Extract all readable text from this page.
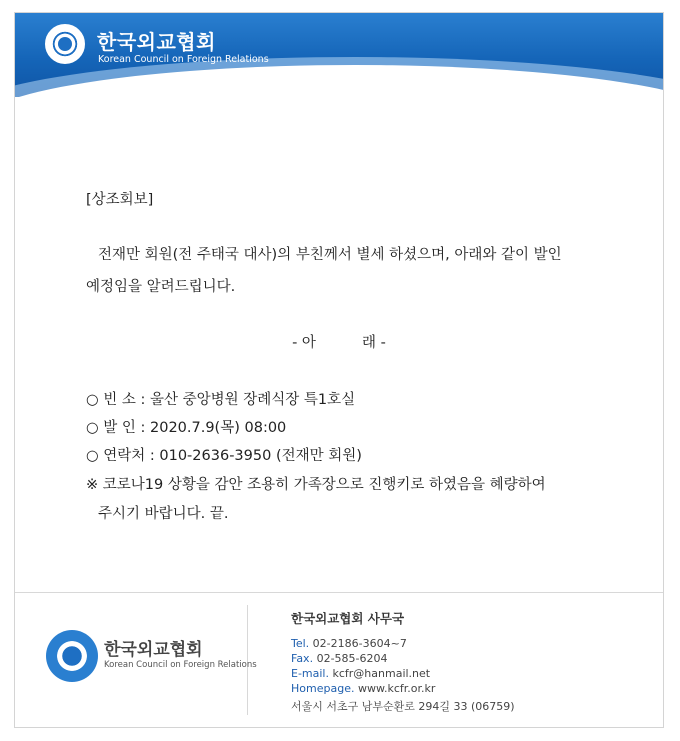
한국외교협회
Korean Council on Foreign Relations
[상조회보]
전재만 회원(전 주태국 대사)의 부친께서 별세 하셨으며, 아래와 같이 발인
예정임을 알려드립니다.
- 아          래 -
○ 빈 소 : 울산 중앙병원 장례식장 특1호실
○ 발 인 : 2020.7.9(목) 08:00
○ 연락처 : 010-2636-3950 (전재만 회원)
※ 코로나19 상황을 감안 조용히 가족장으로 진행키로 하였음을 혜량하여
주시기 바랍니다. 끝.
한국외교협회
Korean Council on Foreign Relations
한국외교협회 사무국
Tel. 02-2186-3604~7
Fax. 02-585-6204
E-mail. kcfr@hanmail.net
Homepage. www.kcfr.or.kr
서울시 서초구 남부순환로 294길 33 (06759)
